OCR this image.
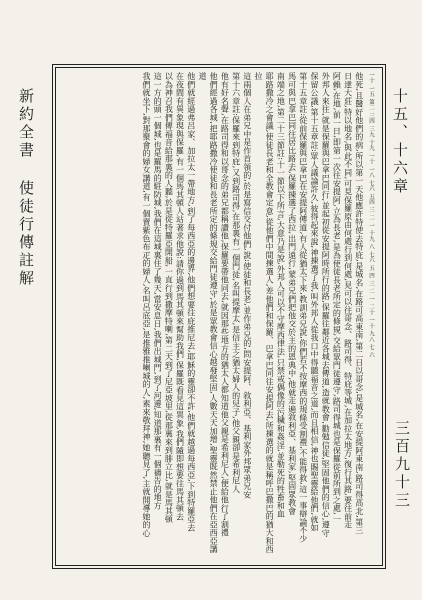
新約全書使徒行傳註解
十五、十六章
三百九十三

一十 一五 第二 三四 三九 十九 一十 一八 七六 五四 三 二 一 十九 八 七六 五 四 三 二 一 二十 一十 九八 七 六

他死,且醫好他們的病,所以第一天他應許特使去特庇,是城名,在路可高東南,第二日以哥念,是城名,在安提阿東南,路司得高北,第三

日達大莊,特以地名,與此不同,可見保羅原由何處行到何處,見可以往哥念、路司得、特庇等城,在加拉太地方,復行其路,要往前走

阿賴,在地,前一日,即第一次往安提阿,立為長老,是為使徒長老所定的條規,交給眾門徒遵守,路司得城也是保羅從前所到之處,一

外邦人來往,就是保羅與巴拿巴同行,並起初從安提阿時所行的路,保羅往鄰近各城去傳道,造就教會,勸勉信徒,堅固他們的信心,遵守

保留公議,第十五章註:眾人議論許久,彼得起來說,神揀選了我,叫外邦人從我口中得聽福音之道,而且相信,神也賜聖靈給他們,就如

第十五章註:從前保羅與巴拿巴在安提阿傳道,有人從猶太下來,教訓弟兄說,你們若不按摩西的規條受割禮,不能得救,這一事辯論不少

馬可與巴拿巴同往居比路去,保羅揀選了西拉,出門遠行,蒙弟兄們把他交於主的恩典中,他就走遍敘利亞、基利家,堅固眾教會

南端之地,第二十三節註:十一節以下所言,大意乃是說,外邦人可以不守摩西律法,只禁戒偶像的污穢和姦淫,並勒死的牲畜和血

耶路撒冷之會議,使徒長老和全教會定意,從他們中間揀選人,差他們和保羅、巴拿巴同往安提阿去,所揀選的就是稱呼巴撒巴的猶大和西拉

這兩個人在弟兄中是作首領的,於是寫信交付他們,說:使徒和長老,並作弟兄的,問安提阿、敘利亞、基利家外邦眾弟兄安

第十六章註:保羅來到特庇,又到路司得,在那裏有一個門徒,名叫提摩太,是信主之猶太婦人的兒子,他父親卻是希利尼人

他有好名聲,在路司得和以哥念的弟兄都稱讚他,保羅要帶他同去,就因那些地方的猶太人都知道他父親是希利尼人,便給他行了割禮

他們經過各城,把耶路撒冷使徒和長老所定的條規交給門徒遵守,於是眾教會信心越發堅固,人數天天加增,聖靈既然禁止他們在亞西亞講道

他們就經過弗呂家、加拉太一帶地方,到了每西亞的邊界,他們想要往庇推尼去,耶穌的靈卻不許,他們就越過每西亞,下到特羅亞去

在夜間有異象現與保羅,有一個馬其頓人站著求他說:請你過到馬其頓來幫助我們,保羅既看見這異象,我們隨即想要往馬其頓去

以為神召我們傳福音給那裏的人聽,於是從特羅亞開船,一直行到撒摩特喇,第二天到了尼亞坡里,從那裏來到腓立比,就是馬其頓

這一方的頭一個城,也是羅馬的駐防城,我們在這城裏住了幾天,當安息日,我們出城門,到了河邊,知道那裏有一個禱告的地方

我們就坐下,對那聚會的婦女講道,有一個賣紫色布疋的婦人,名叫呂底亞,是推雅推喇城的人,素來敬拜神,她聽見了,主就開導她的心
